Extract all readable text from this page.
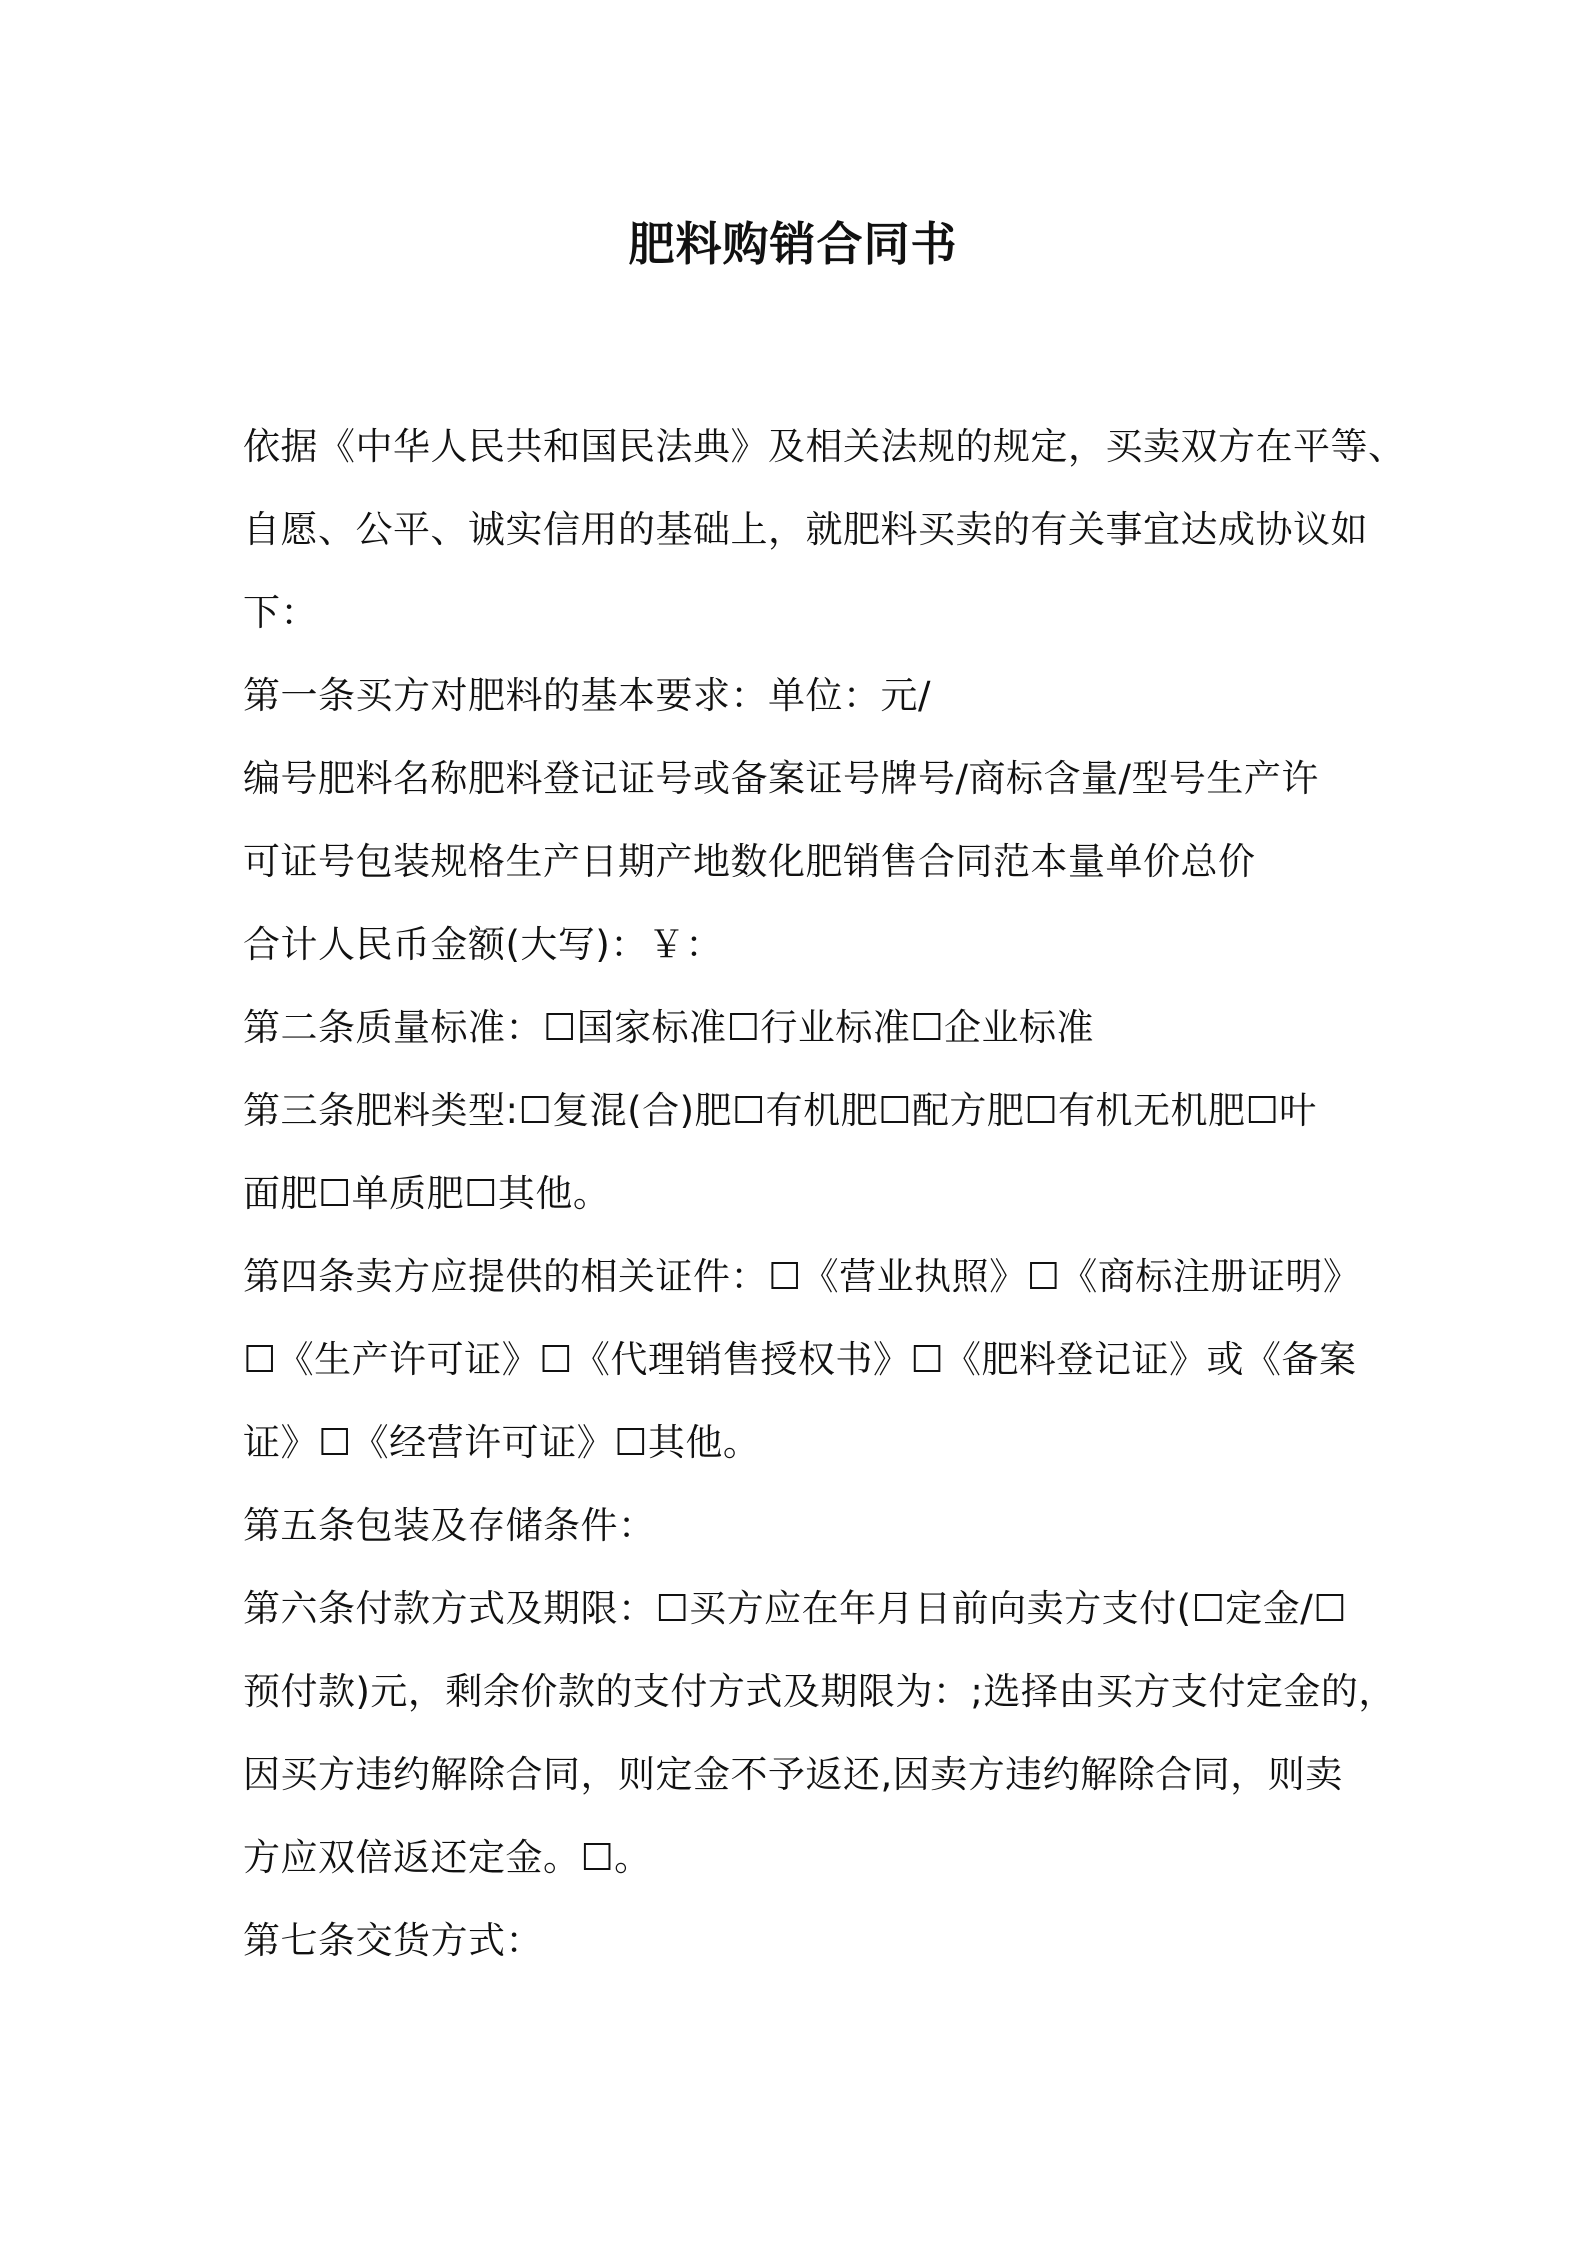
肥料购销合同书
依据《中华人民共和国民法典》及相关法规的规定，买卖双方在平等、
自愿、公平、诚实信用的基础上，就肥料买卖的有关事宜达成协议如
下：
第一条买方对肥料的基本要求：单位：元/
编号肥料名称肥料登记证号或备案证号牌号/商标含量/型号生产许
可证号包装规格生产日期产地数化肥销售合同范本量单价总价
合计人民币金额(大写)：￥：
第二条质量标准：☐国家标准☐行业标准☐企业标准
第三条肥料类型:☐复混(合)肥☐有机肥☐配方肥☐有机无机肥☐叶
面肥☐单质肥☐其他。
第四条卖方应提供的相关证件：☐《营业执照》☐《商标注册证明》
☐《生产许可证》☐《代理销售授权书》☐《肥料登记证》或《备案
证》☐《经营许可证》☐其他。
第五条包装及存储条件：
第六条付款方式及期限：☐买方应在年月日前向卖方支付(☐定金/☐
预付款)元，剩余价款的支付方式及期限为：;选择由买方支付定金的，
因买方违约解除合同，则定金不予返还,因卖方违约解除合同，则卖
方应双倍返还定金。☐。
第七条交货方式：
